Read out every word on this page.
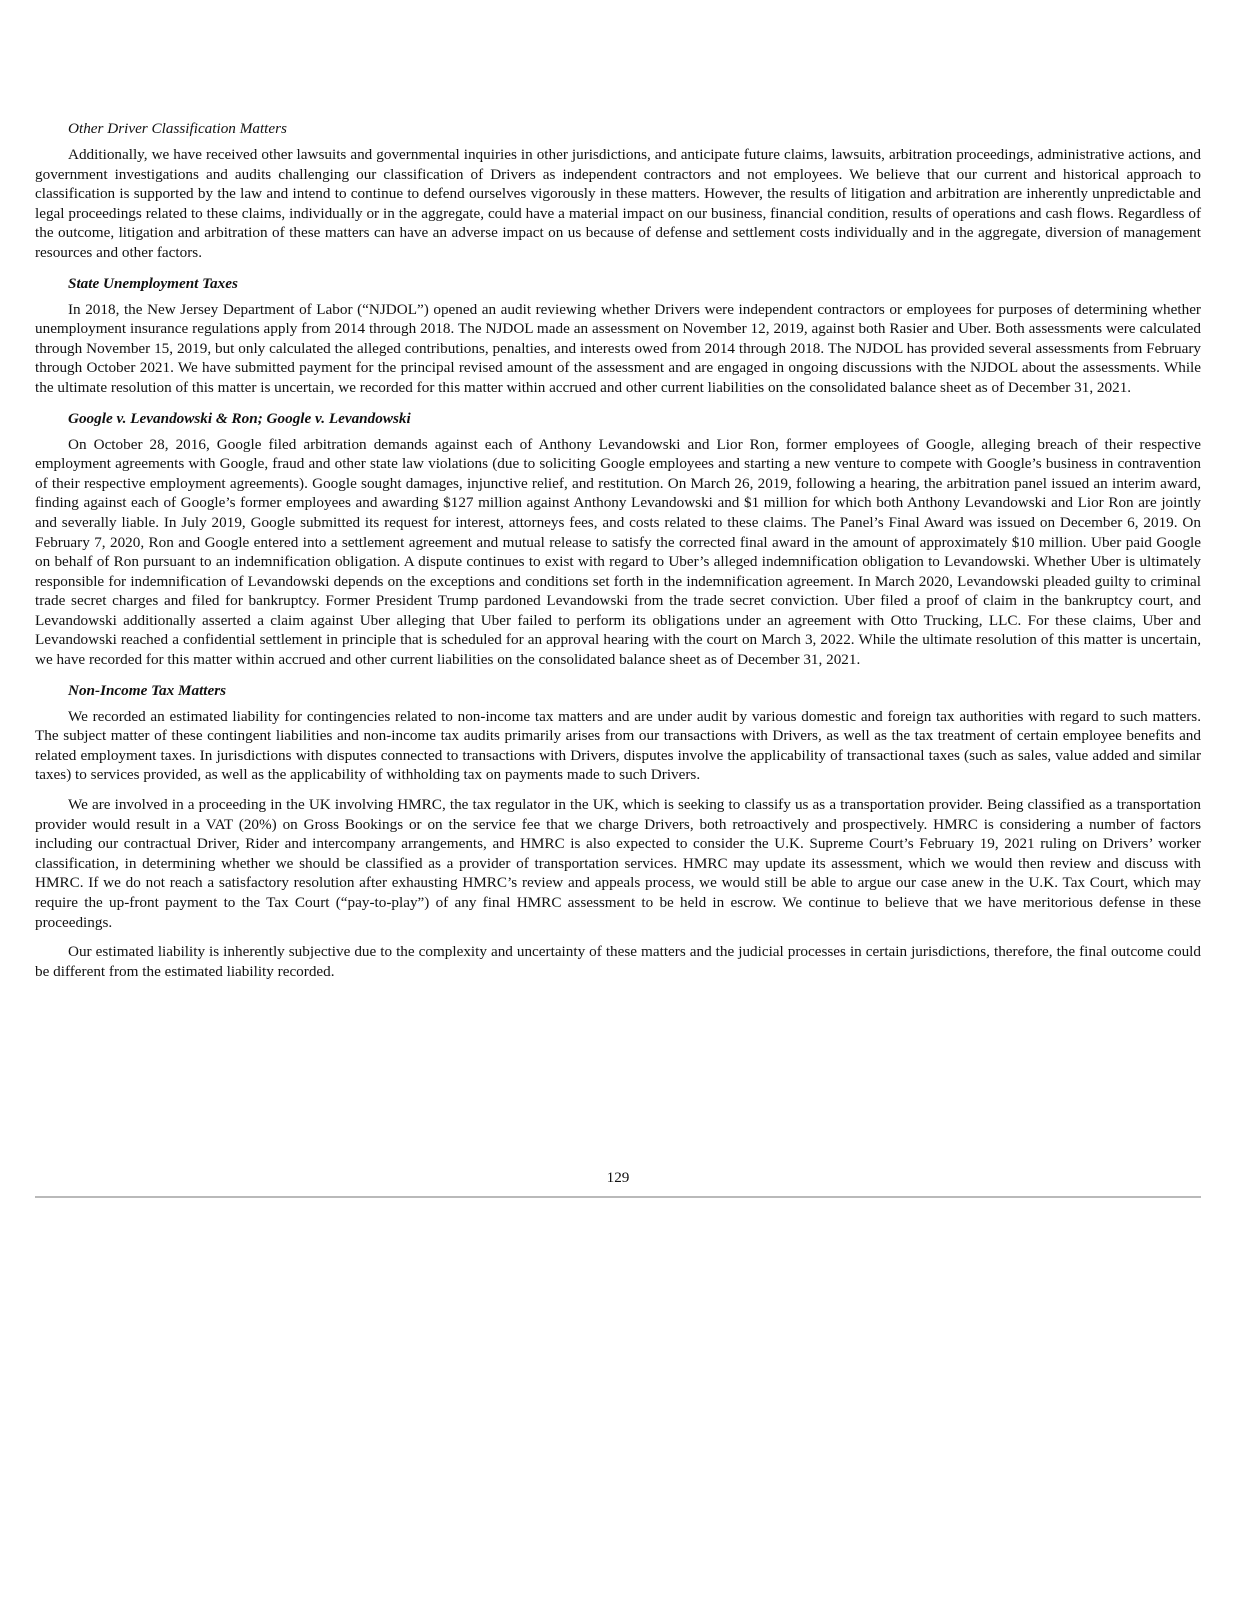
Other Driver Classification Matters

Additionally, we have received other lawsuits and governmental inquiries in other jurisdictions, and anticipate future claims, lawsuits, arbitration proceedings, administrative actions, and government investigations and audits challenging our classification of Drivers as independent contractors and not employees. We believe that our current and historical approach to classification is supported by the law and intend to continue to defend ourselves vigorously in these matters. However, the results of litigation and arbitration are inherently unpredictable and legal proceedings related to these claims, individually or in the aggregate, could have a material impact on our business, financial condition, results of operations and cash flows. Regardless of the outcome, litigation and arbitration of these matters can have an adverse impact on us because of defense and settlement costs individually and in the aggregate, diversion of management resources and other factors.

State Unemployment Taxes

In 2018, the New Jersey Department of Labor (“NJDOL”) opened an audit reviewing whether Drivers were independent contractors or employees for purposes of determining whether unemployment insurance regulations apply from 2014 through 2018. The NJDOL made an assessment on November 12, 2019, against both Rasier and Uber. Both assessments were calculated through November 15, 2019, but only calculated the alleged contributions, penalties, and interests owed from 2014 through 2018. The NJDOL has provided several assessments from February through October 2021. We have submitted payment for the principal revised amount of the assessment and are engaged in ongoing discussions with the NJDOL about the assessments. While the ultimate resolution of this matter is uncertain, we recorded for this matter within accrued and other current liabilities on the consolidated balance sheet as of December 31, 2021.

Google v. Levandowski & Ron; Google v. Levandowski

On October 28, 2016, Google filed arbitration demands against each of Anthony Levandowski and Lior Ron, former employees of Google, alleging breach of their respective employment agreements with Google, fraud and other state law violations (due to soliciting Google employees and starting a new venture to compete with Google’s business in contravention of their respective employment agreements). Google sought damages, injunctive relief, and restitution. On March 26, 2019, following a hearing, the arbitration panel issued an interim award, finding against each of Google’s former employees and awarding $127 million against Anthony Levandowski and $1 million for which both Anthony Levandowski and Lior Ron are jointly and severally liable. In July 2019, Google submitted its request for interest, attorneys fees, and costs related to these claims. The Panel’s Final Award was issued on December 6, 2019. On February 7, 2020, Ron and Google entered into a settlement agreement and mutual release to satisfy the corrected final award in the amount of approximately $10 million. Uber paid Google on behalf of Ron pursuant to an indemnification obligation. A dispute continues to exist with regard to Uber’s alleged indemnification obligation to Levandowski. Whether Uber is ultimately responsible for indemnification of Levandowski depends on the exceptions and conditions set forth in the indemnification agreement. In March 2020, Levandowski pleaded guilty to criminal trade secret charges and filed for bankruptcy. Former President Trump pardoned Levandowski from the trade secret conviction. Uber filed a proof of claim in the bankruptcy court, and Levandowski additionally asserted a claim against Uber alleging that Uber failed to perform its obligations under an agreement with Otto Trucking, LLC. For these claims, Uber and Levandowski reached a confidential settlement in principle that is scheduled for an approval hearing with the court on March 3, 2022. While the ultimate resolution of this matter is uncertain, we have recorded for this matter within accrued and other current liabilities on the consolidated balance sheet as of December 31, 2021.

Non-Income Tax Matters

We recorded an estimated liability for contingencies related to non-income tax matters and are under audit by various domestic and foreign tax authorities with regard to such matters. The subject matter of these contingent liabilities and non-income tax audits primarily arises from our transactions with Drivers, as well as the tax treatment of certain employee benefits and related employment taxes. In jurisdictions with disputes connected to transactions with Drivers, disputes involve the applicability of transactional taxes (such as sales, value added and similar taxes) to services provided, as well as the applicability of withholding tax on payments made to such Drivers.

We are involved in a proceeding in the UK involving HMRC, the tax regulator in the UK, which is seeking to classify us as a transportation provider. Being classified as a transportation provider would result in a VAT (20%) on Gross Bookings or on the service fee that we charge Drivers, both retroactively and prospectively. HMRC is considering a number of factors including our contractual Driver, Rider and intercompany arrangements, and HMRC is also expected to consider the U.K. Supreme Court’s February 19, 2021 ruling on Drivers’ worker classification, in determining whether we should be classified as a provider of transportation services. HMRC may update its assessment, which we would then review and discuss with HMRC. If we do not reach a satisfactory resolution after exhausting HMRC’s review and appeals process, we would still be able to argue our case anew in the U.K. Tax Court, which may require the up-front payment to the Tax Court (“pay-to-play”) of any final HMRC assessment to be held in escrow. We continue to believe that we have meritorious defense in these proceedings.

Our estimated liability is inherently subjective due to the complexity and uncertainty of these matters and the judicial processes in certain jurisdictions, therefore, the final outcome could be different from the estimated liability recorded.

129
